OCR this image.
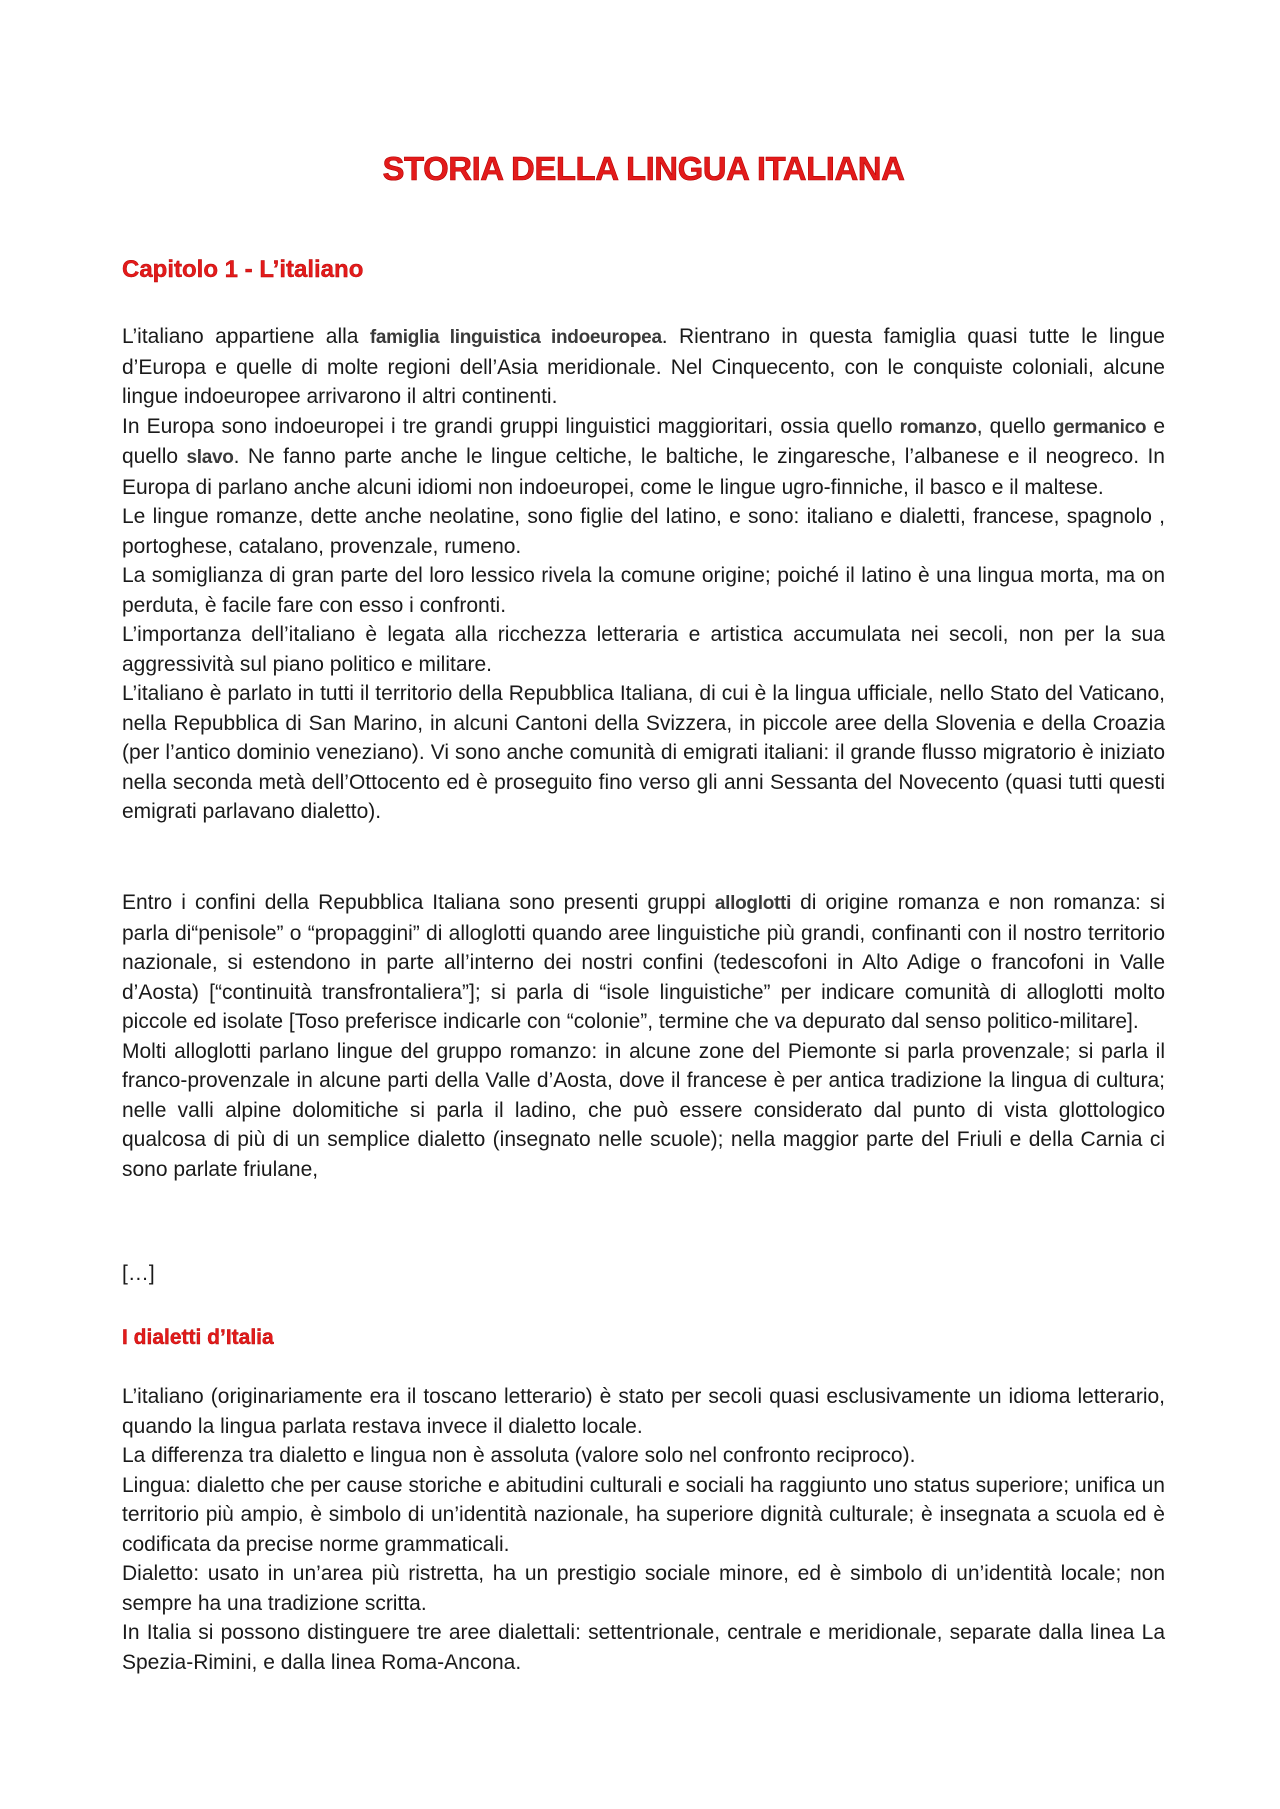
STORIA DELLA LINGUA ITALIANA
Capitolo 1 - L’italiano

L’italiano appartiene alla famiglia linguistica indoeuropea. Rientrano in questa famiglia quasi tutte le lingue d’Europa e quelle di molte regioni dell’Asia meridionale. Nel Cinquecento, con le conquiste coloniali, alcune lingue indoeuropee arrivarono il altri continenti.

In Europa sono indoeuropei i tre grandi gruppi linguistici maggioritari, ossia quello romanzo, quello germanico e quello slavo. Ne fanno parte anche le lingue celtiche, le baltiche, le zingaresche, l’albanese e il neogreco. In Europa di parlano anche alcuni idiomi non indoeuropei, come le lingue ugro-finniche, il basco e il maltese.

Le lingue romanze, dette anche neolatine, sono figlie del latino, e sono: italiano e dialetti, francese, spagnolo , portoghese, catalano, provenzale, rumeno.

La somiglianza di gran parte del loro lessico rivela la comune origine; poiché il latino è una lingua morta, ma on perduta, è facile fare con esso i confronti.

L’importanza dell’italiano è legata alla ricchezza letteraria e artistica accumulata nei secoli, non per la sua aggressività sul piano politico e militare.

L’italiano è parlato in tutti il territorio della Repubblica Italiana, di cui è la lingua ufficiale, nello Stato del Vaticano, nella Repubblica di San Marino, in alcuni Cantoni della Svizzera, in piccole aree della Slovenia e della Croazia (per l’antico dominio veneziano). Vi sono anche comunità di emigrati italiani: il grande flusso migratorio è iniziato nella seconda metà dell’Ottocento ed è proseguito fino verso gli anni Sessanta del Novecento (quasi tutti questi emigrati parlavano dialetto).

Entro i confini della Repubblica Italiana sono presenti gruppi alloglotti di origine romanza e non romanza: si parla di“penisole” o “propaggini” di alloglotti quando aree linguistiche più grandi, confinanti con il nostro territorio nazionale, si estendono in parte all’interno dei nostri confini (tedescofoni in Alto Adige o francofoni in Valle d’Aosta) [“continuità transfrontaliera”]; si parla di “isole linguistiche” per indicare comunità di alloglotti molto piccole ed isolate [Toso preferisce indicarle con “colonie”, termine che va depurato dal senso politico-militare].

Molti alloglotti parlano lingue del gruppo romanzo: in alcune zone del Piemonte si parla provenzale; si parla il franco-provenzale in alcune parti della Valle d’Aosta, dove il francese è per antica tradizione la lingua di cultura; nelle valli alpine dolomitiche si parla il ladino, che può essere considerato dal punto di vista glottologico qualcosa di più di un semplice dialetto (insegnato nelle scuole); nella maggior parte del Friuli e della Carnia ci sono parlate friulane,

[…]
I dialetti d’Italia

L’italiano (originariamente era il toscano letterario) è stato per secoli quasi esclusivamente un idioma letterario, quando la lingua parlata restava invece il dialetto locale.

La differenza tra dialetto e lingua non è assoluta (valore solo nel confronto reciproco).

Lingua: dialetto che per cause storiche e abitudini culturali e sociali ha raggiunto uno status superiore; unifica un territorio più ampio, è simbolo di un’identità nazionale, ha superiore dignità culturale; è insegnata a scuola ed è codificata da precise norme grammaticali.

Dialetto: usato in un’area più ristretta, ha un prestigio sociale minore, ed è simbolo di un’identità locale; non sempre ha una tradizione scritta.

In Italia si possono distinguere tre aree dialettali: settentrionale, centrale e meridionale, separate dalla linea La Spezia-Rimini, e dalla linea Roma-Ancona.
